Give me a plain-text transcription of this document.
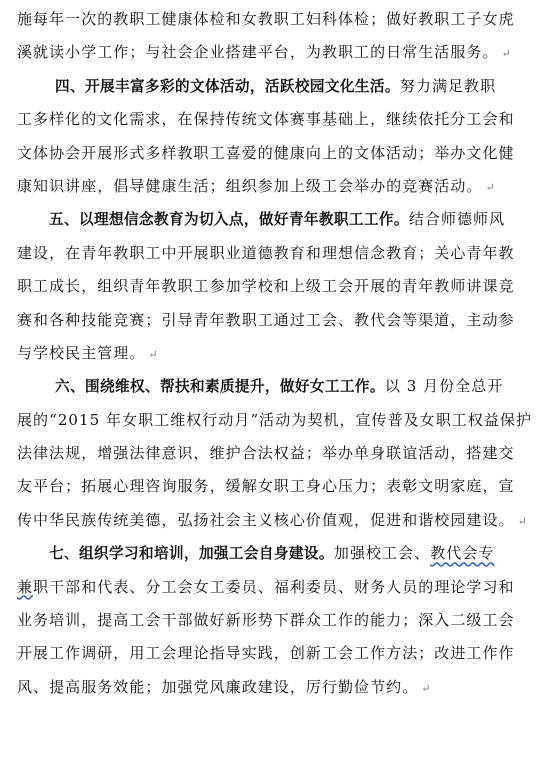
施每年一次的教职工健康体检和女教职工妇科体检；做好教职工子女虎
溪就读小学工作；与社会企业搭建平台，为教职工的日常生活服务。 ↵
四、开展丰富多彩的文体活动，活跃校园文化生活。努力满足教职
工多样化的文化需求，在保持传统文体赛事基础上，继续依托分工会和
文体协会开展形式多样教职工喜爱的健康向上的文体活动；举办文化健
康知识讲座，倡导健康生活；组织参加上级工会举办的竞赛活动。 ↵
五、以理想信念教育为切入点，做好青年教职工工作。结合师德师风
建设，在青年教职工中开展职业道德教育和理想信念教育；关心青年教
职工成长，组织青年教职工参加学校和上级工会开展的青年教师讲课竞
赛和各种技能竞赛；引导青年教职工通过工会、教代会等渠道，主动参
与学校民主管理。 ↵
六、围绕维权、帮扶和素质提升，做好女工工作。以 3 月份全总开
展的“2015 年女职工维权行动月”活动为契机，宣传普及女职工权益保护
法律法规，增强法律意识，维护合法权益；举办单身联谊活动，搭建交
友平台；拓展心理咨询服务，缓解女职工身心压力；表彰文明家庭，宣
传中华民族传统美德，弘扬社会主义核心价值观，促进和谐校园建设。 ↵
七、组织学习和培训，加强工会自身建设。加强校工会、教代会专
兼职干部和代表、分工会女工委员、福利委员、财务人员的理论学习和
业务培训，提高工会干部做好新形势下群众工作的能力；深入二级工会
开展工作调研，用工会理论指导实践，创新工会工作方法；改进工作作
风、提高服务效能；加强党风廉政建设，厉行勤俭节约。 ↵
